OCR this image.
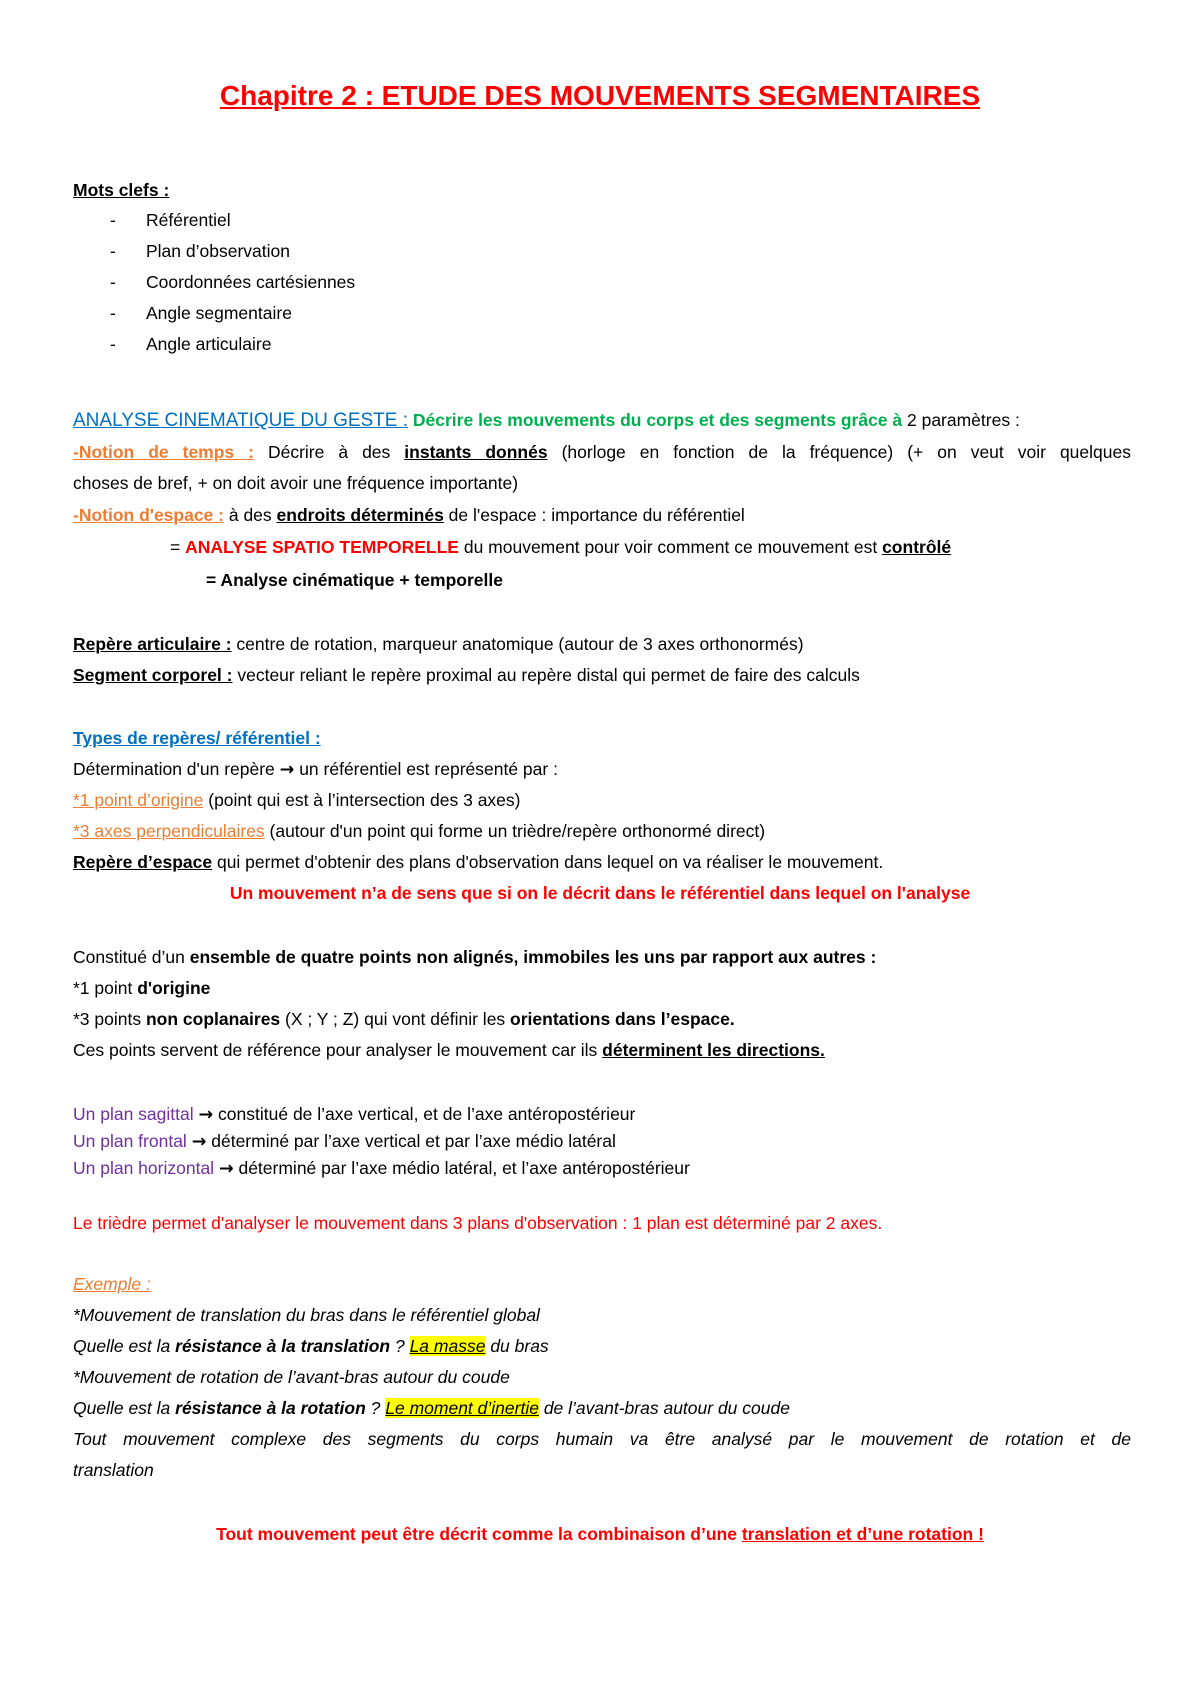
Chapitre 2 : ETUDE DES MOUVEMENTS SEGMENTAIRES
Mots clefs :
- Référentiel
- Plan d’observation
- Coordonnées cartésiennes
- Angle segmentaire
- Angle articulaire
ANALYSE CINEMATIQUE DU GESTE : Décrire les mouvements du corps et des segments grâce à 2 paramètres :
-Notion de temps : Décrire à des instants donnés (horloge en fonction de la fréquence) (+ on veut voir quelques
choses de bref, + on doit avoir une fréquence importante)
-Notion d'espace : à des endroits déterminés de l'espace : importance du référentiel
= ANALYSE SPATIO TEMPORELLE du mouvement pour voir comment ce mouvement est contrôlé
= Analyse cinématique + temporelle
Repère articulaire : centre de rotation, marqueur anatomique (autour de 3 axes orthonormés)
Segment corporel : vecteur reliant le repère proximal au repère distal qui permet de faire des calculs
Types de repères/ référentiel :
Détermination d'un repère → un référentiel est représenté par :
*1 point d’origine (point qui est à l’intersection des 3 axes)
*3 axes perpendiculaires (autour d'un point qui forme un trièdre/repère orthonormé direct)
Repère d’espace qui permet d'obtenir des plans d'observation dans lequel on va réaliser le mouvement.
Un mouvement n’a de sens que si on le décrit dans le référentiel dans lequel on l'analyse
Constitué d’un ensemble de quatre points non alignés, immobiles les uns par rapport aux autres :
*1 point d'origine
*3 points non coplanaires (X ; Y ; Z) qui vont définir les orientations dans l’espace.
Ces points servent de référence pour analyser le mouvement car ils déterminent les directions.
Un plan sagittal → constitué de l’axe vertical, et de l’axe antéropostérieur
Un plan frontal → déterminé par l’axe vertical et par l’axe médio latéral
Un plan horizontal → déterminé par l’axe médio latéral, et l’axe antéropostérieur
Le trièdre permet d'analyser le mouvement dans 3 plans d'observation : 1 plan est déterminé par 2 axes.
Exemple :
*Mouvement de translation du bras dans le référentiel global
Quelle est la résistance à la translation ? La masse du bras
*Mouvement de rotation de l’avant-bras autour du coude
Quelle est la résistance à la rotation ? Le moment d’inertie de l’avant-bras autour du coude
Tout mouvement complexe des segments du corps humain va être analysé par le mouvement de rotation et de
translation
Tout mouvement peut être décrit comme la combinaison d’une translation et d’une rotation !
